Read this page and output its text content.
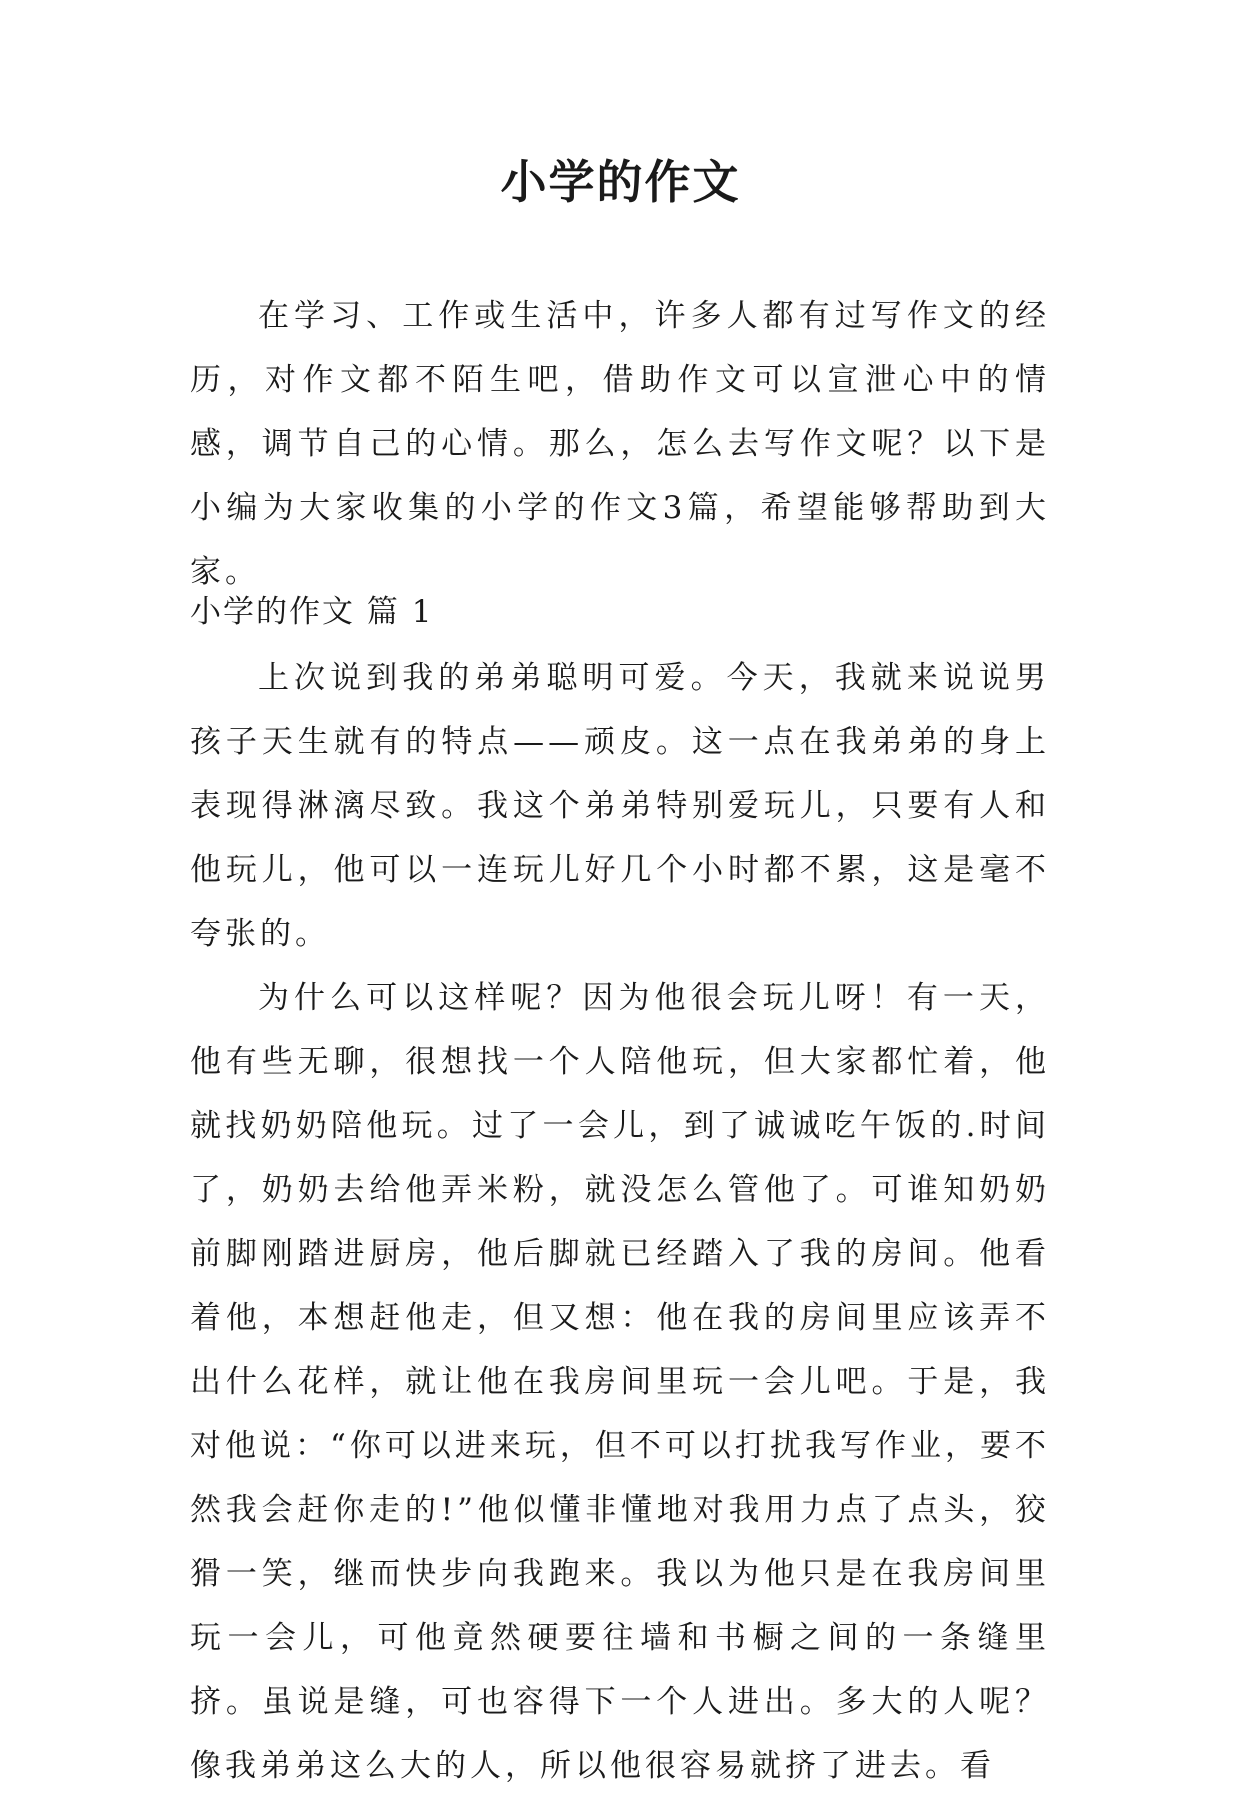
小学的作文

在学习、工作或生活中，许多人都有过写作文的经历，对作文都不陌生吧，借助作文可以宣泄心中的情感，调节自己的心情。那么，怎么去写作文呢？以下是小编为大家收集的小学的作文3篇，希望能够帮助到大家。

小学的作文 篇 1

上次说到我的弟弟聪明可爱。今天，我就来说说男孩子天生就有的特点——顽皮。这一点在我弟弟的身上表现得淋漓尽致。我这个弟弟特别爱玩儿，只要有人和他玩儿，他可以一连玩儿好几个小时都不累，这是毫不夸张的。

为什么可以这样呢？因为他很会玩儿呀！有一天，他有些无聊，很想找一个人陪他玩，但大家都忙着，他就找奶奶陪他玩。过了一会儿，到了诚诚吃午饭的.时间了，奶奶去给他弄米粉，就没怎么管他了。可谁知奶奶前脚刚踏进厨房，他后脚就已经踏入了我的房间。他看着他，本想赶他走，但又想：他在我的房间里应该弄不出什么花样，就让他在我房间里玩一会儿吧。于是，我对他说：“你可以进来玩，但不可以打扰我写作业，要不然我会赶你走的!”他似懂非懂地对我用力点了点头，狡猾一笑，继而快步向我跑来。我以为他只是在我房间里玩一会儿，可他竟然硬要往墙和书橱之间的一条缝里挤。虽说是缝，可也容得下一个人进出。多大的人呢？像我弟弟这么大的人，所以他很容易就挤了进去。看
